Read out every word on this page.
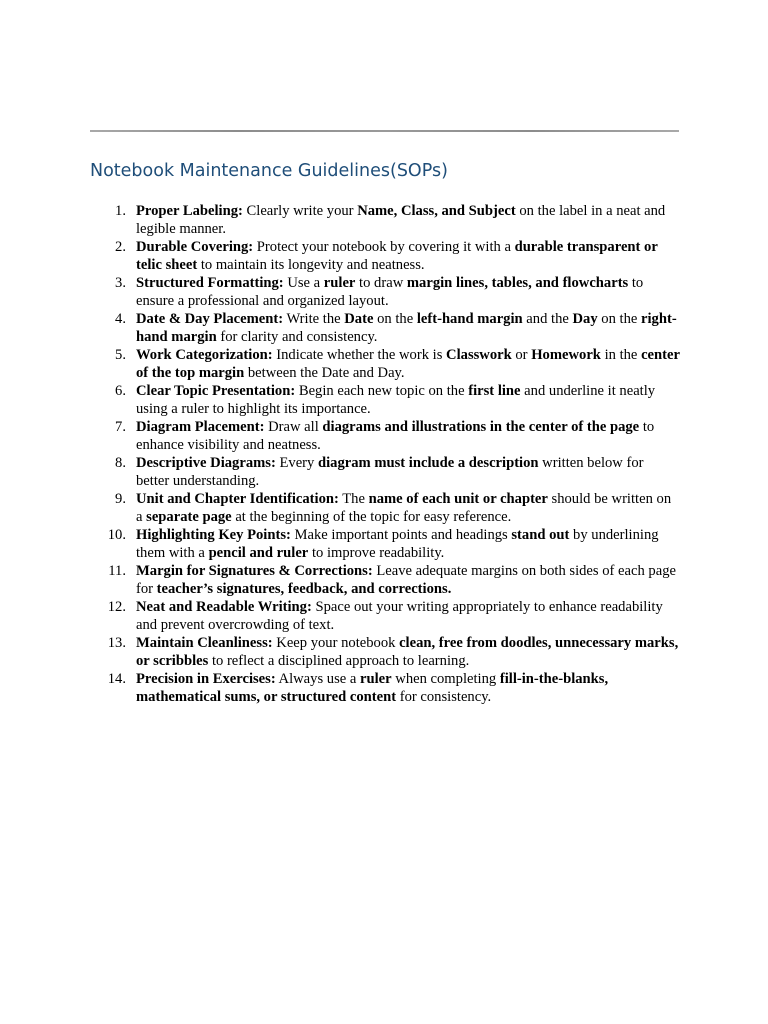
Notebook Maintenance Guidelines(SOPs)
1. Proper Labeling: Clearly write your Name, Class, and Subject on the label in a neat and legible manner.
2. Durable Covering: Protect your notebook by covering it with a durable transparent or telic sheet to maintain its longevity and neatness.
3. Structured Formatting: Use a ruler to draw margin lines, tables, and flowcharts to ensure a professional and organized layout.
4. Date & Day Placement: Write the Date on the left-hand margin and the Day on the right-hand margin for clarity and consistency.
5. Work Categorization: Indicate whether the work is Classwork or Homework in the center of the top margin between the Date and Day.
6. Clear Topic Presentation: Begin each new topic on the first line and underline it neatly using a ruler to highlight its importance.
7. Diagram Placement: Draw all diagrams and illustrations in the center of the page to enhance visibility and neatness.
8. Descriptive Diagrams: Every diagram must include a description written below for better understanding.
9. Unit and Chapter Identification: The name of each unit or chapter should be written on a separate page at the beginning of the topic for easy reference.
10. Highlighting Key Points: Make important points and headings stand out by underlining them with a pencil and ruler to improve readability.
11. Margin for Signatures & Corrections: Leave adequate margins on both sides of each page for teacher’s signatures, feedback, and corrections.
12. Neat and Readable Writing: Space out your writing appropriately to enhance readability and prevent overcrowding of text.
13. Maintain Cleanliness: Keep your notebook clean, free from doodles, unnecessary marks, or scribbles to reflect a disciplined approach to learning.
14. Precision in Exercises: Always use a ruler when completing fill-in-the-blanks, mathematical sums, or structured content for consistency.
